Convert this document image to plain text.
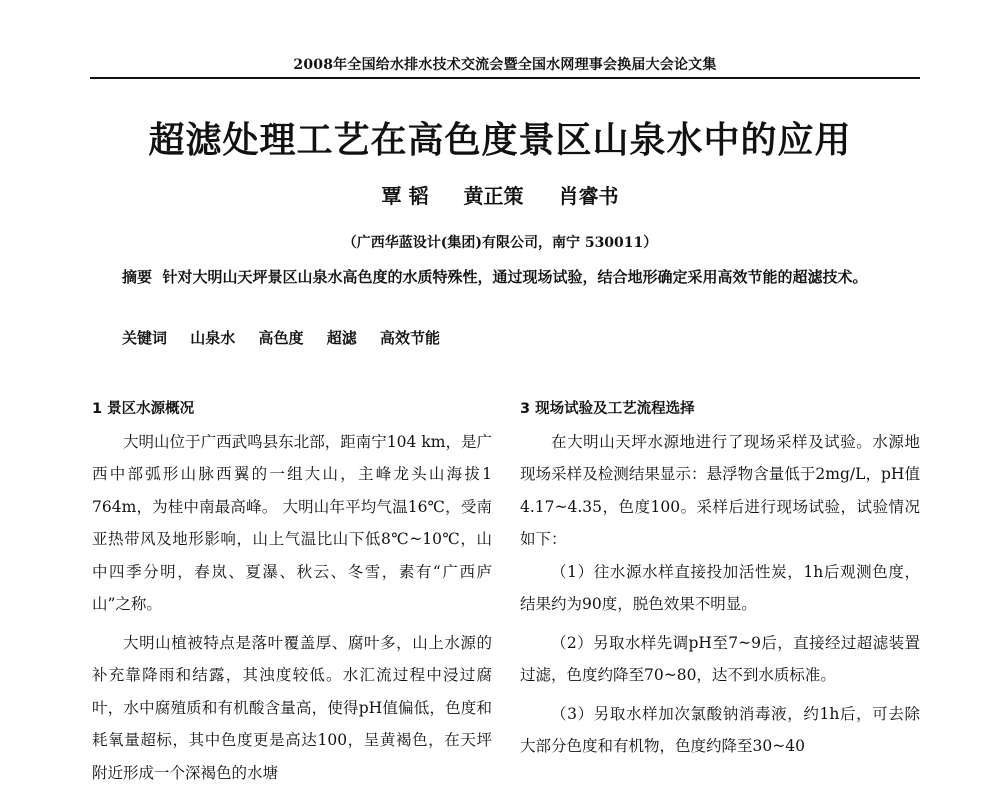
2008年全国给水排水技术交流会暨全国水网理事会换届大会论文集
超滤处理工艺在高色度景区山泉水中的应用
覃 韬 黄正策 肖睿书
（广西华蓝设计(集团)有限公司，南宁 530011）
摘要 针对大明山天坪景区山泉水高色度的水质特殊性，通过现场试验，结合地形确定采用高效节能的超滤技术。
关键词 山泉水 高色度 超滤 高效节能
1 景区水源概况

大明山位于广西武鸣县东北部，距南宁104 km，是广西中部弧形山脉西翼的一组大山，主峰龙头山海拔1 764m，为桂中南最高峰。 大明山年平均气温16℃，受南亚热带风及地形影响，山上气温比山下低8℃~10℃，山中四季分明，春岚、夏瀑、秋云、冬雪，素有“广西庐山”之称。

大明山植被特点是落叶覆盖厚、腐叶多，山上水源的补充靠降雨和结露，其浊度较低。水汇流过程中浸过腐叶，水中腐殖质和有机酸含量高，使得pH值偏低，色度和耗氧量超标，其中色度更是高达100，呈黄褐色，在天坪附近形成一个深褐色的水塘

3 现场试验及工艺流程选择

在大明山天坪水源地进行了现场采样及试验。水源地现场采样及检测结果显示：悬浮物含量低于2mg/L，pH值4.17~4.35，色度100。采样后进行现场试验，试验情况如下：

（1）往水源水样直接投加活性炭，1h后观测色度，结果约为90度，脱色效果不明显。

（2）另取水样先调pH至7~9后，直接经过超滤装置过滤，色度约降至70~80，达不到水质标准。

（3）另取水样加次氯酸钠消毒液，约1h后，可去除大部分色度和有机物，色度约降至30~40
